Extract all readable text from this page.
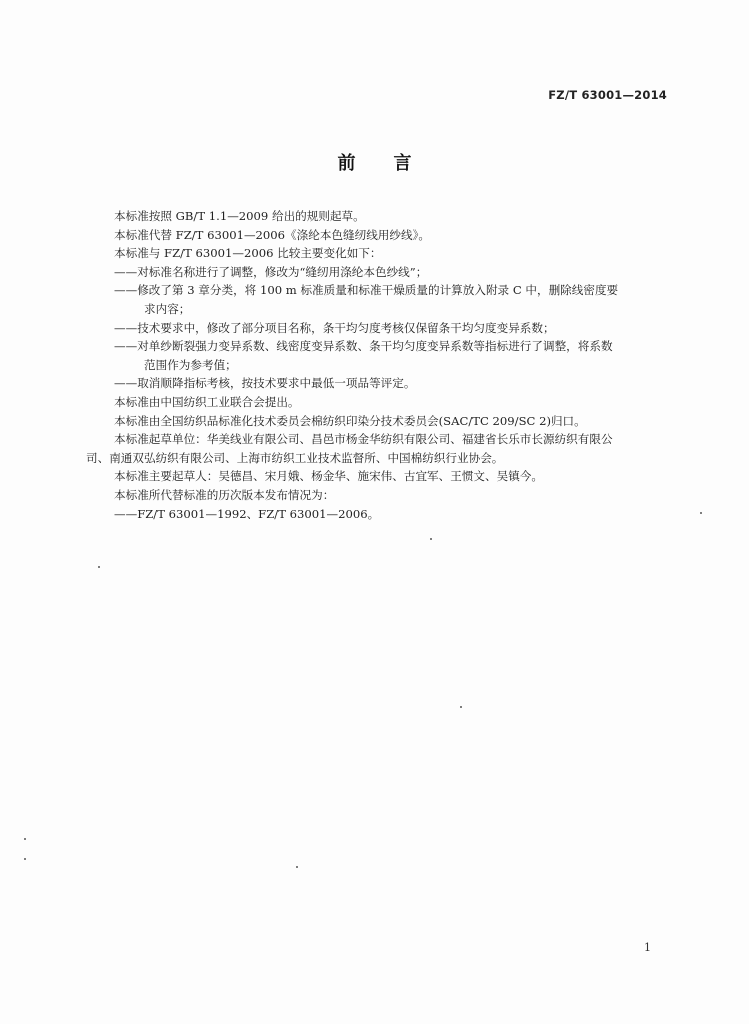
FZ/T 63001—2014
前言

本标准按照 GB/T 1.1—2009 给出的规则起草。

本标准代替 FZ/T 63001—2006《涤纶本色缝纫线用纱线》。

本标准与 FZ/T 63001—2006 比较主要变化如下：

——对标准名称进行了调整，修改为“缝纫用涤纶本色纱线”；

——修改了第 3 章分类，将 100 m 标准质量和标准干燥质量的计算放入附录 C 中，删除线密度要

求内容；

——技术要求中，修改了部分项目名称，条干均匀度考核仅保留条干均匀度变异系数；

——对单纱断裂强力变异系数、线密度变异系数、条干均匀度变异系数等指标进行了调整，将系数

范围作为参考值；

——取消顺降指标考核，按技术要求中最低一项品等评定。

本标准由中国纺织工业联合会提出。

本标准由全国纺织品标准化技术委员会棉纺织印染分技术委员会(SAC/TC 209/SC 2)归口。

本标准起草单位：华美线业有限公司、昌邑市杨金华纺织有限公司、福建省长乐市长源纺织有限公

司、南通双弘纺织有限公司、上海市纺织工业技术监督所、中国棉纺织行业协会。

本标准主要起草人：吴德昌、宋月娥、杨金华、施宋伟、古宜军、王惯文、吴镇今。

本标准所代替标准的历次版本发布情况为：

——FZ/T 63001—1992、FZ/T 63001—2006。

1
